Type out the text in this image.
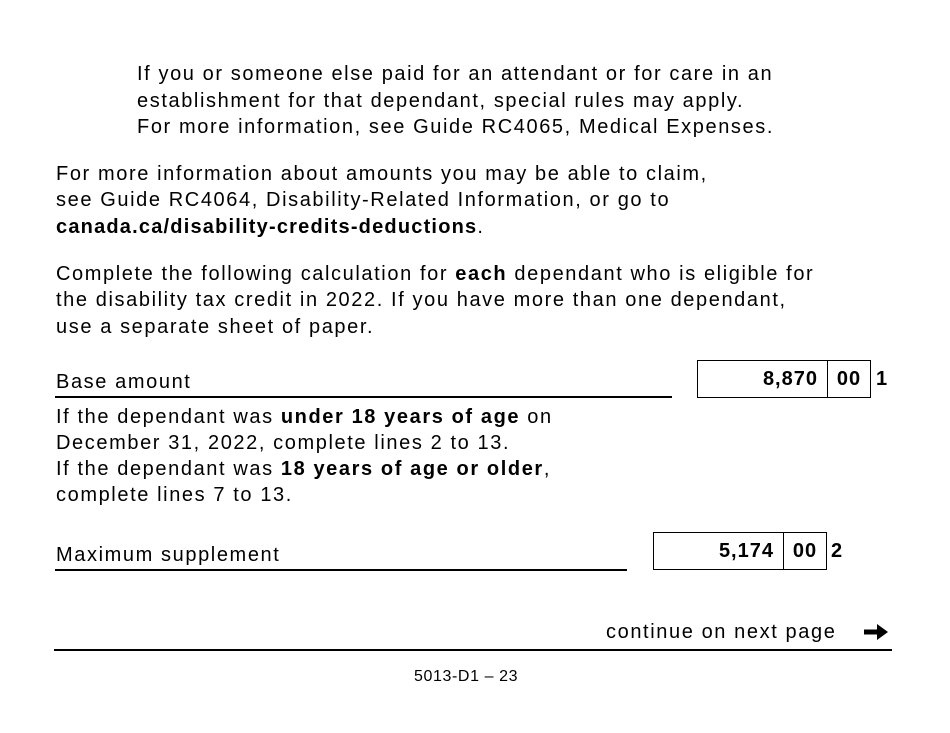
If you or someone else paid for an attendant or for care in an
establishment for that dependant, special rules may apply.
For more information, see Guide RC4065, Medical Expenses.
For more information about amounts you may be able to claim,
see Guide RC4064, Disability-Related Information, or go to
canada.ca/disability-credits-deductions.
Complete the following calculation for each dependant who is eligible for
the disability tax credit in 2022. If you have more than one dependant,
use a separate sheet of paper.
Base amount	8,870 00 1
If the dependant was under 18 years of age on
December 31, 2022, complete lines 2 to 13.
If the dependant was 18 years of age or older,
complete lines 7 to 13.
Maximum supplement	5,174 00 2
continue on next page
5013-D1 – 23
